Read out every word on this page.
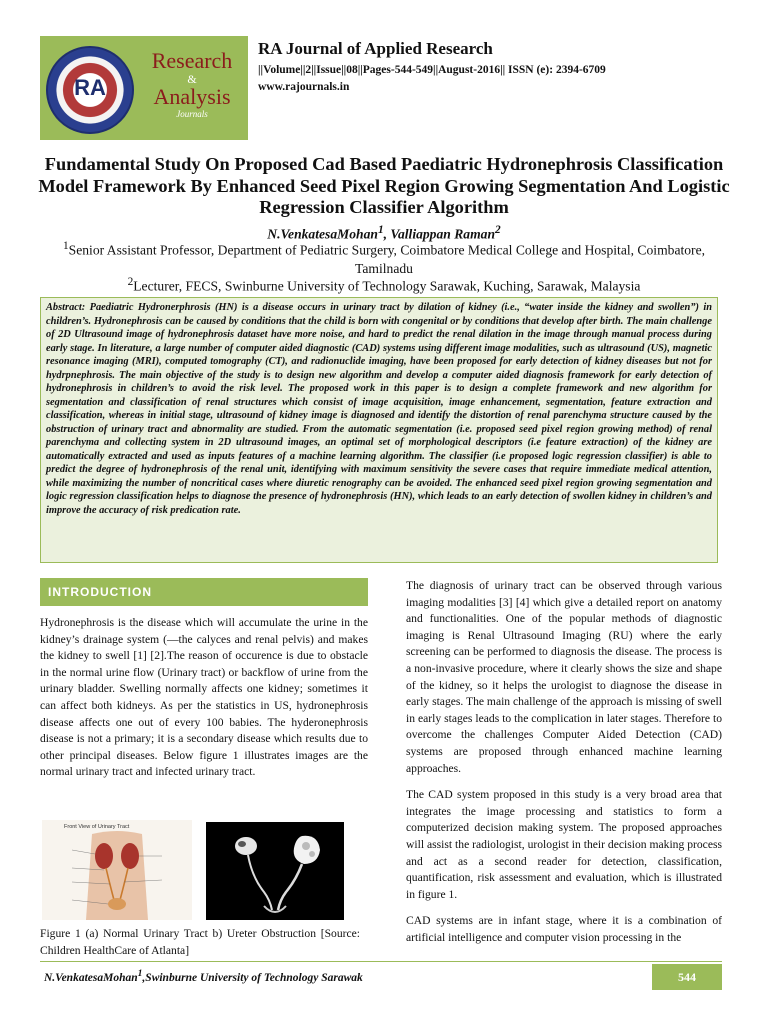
RA
Research
&
Analysis
Journals
RA Journal of Applied Research
||Volume||2||Issue||08||Pages-544-549||August-2016|| ISSN (e): 2394-6709
www.rajournals.in
Fundamental Study On Proposed Cad Based Paediatric Hydronephrosis Classification Model Framework By Enhanced Seed Pixel Region Growing Segmentation And Logistic Regression Classifier Algorithm
N.VenkatesaMohan$^1$, Valliappan Raman$^2$
$^1$Senior Assistant Professor, Department of Pediatric Surgery, Coimbatore Medical College and Hospital, Coimbatore, Tamilnadu
$^2$Lecturer, FECS, Swinburne University of Technology Sarawak, Kuching, Sarawak, Malaysia
Abstract: Paediatric Hydronerphrosis (HN) is a disease occurs in urinary tract by dilation of kidney (i.e., “water inside the kidney and swollen”) in children’s. Hydronephrosis can be caused by conditions that the child is born with congenital or by conditions that develop after birth. The main challenge of 2D Ultrasound image of hydronephrosis dataset have more noise, and hard to predict the renal dilation in the image through manual process during early stage. In literature, a large number of computer aided diagnostic (CAD) systems using different image modalities, such as ultrasound (US), magnetic resonance imaging (MRI), computed tomography (CT), and radionuclide imaging, have been proposed for early detection of kidney diseases but not for hydrpnephrosis. The main objective of the study is to design new algorithm and develop a computer aided diagnosis framework for early detection of hydronephrosis in children’s to avoid the risk level. The proposed work in this paper is to design a complete framework and new algorithm for segmentation and classification of renal structures which consist of image acquisition, image enhancement, segmentation, feature extraction and classification, whereas in initial stage, ultrasound of kidney image is diagnosed and identify the distortion of renal parenchyma structure caused by the obstruction of urinary tract and abnormality are studied. From the automatic segmentation (i.e. proposed seed pixel region growing method) of renal parenchyma and collecting system in 2D ultrasound images, an optimal set of morphological descriptors (i.e feature extraction) of the kidney are automatically extracted and used as inputs features of a machine learning algorithm. The classifier (i.e proposed logic regression classifier) is able to predict the degree of hydronephrosis of the renal unit, identifying with maximum sensitivity the severe cases that require immediate medical attention, while maximizing the number of noncritical cases where diuretic renography can be avoided. The enhanced seed pixel region growing segmentation and logic regression classification helps to diagnose the presence of hydronephrosis (HN), which leads to an early detection of swollen kidney in children’s and improve the accuracy of risk predication rate.
INTRODUCTION

Hydronephrosis is the disease which will accumulate the urine in the kidney’s drainage system (—the calyces and renal pelvis) and makes the kidney to swell [1] [2].The reason of occurence is due to obstacle in the normal urine flow (Urinary tract) or backflow of urine from the urinary bladder. Swelling normally affects one kidney; sometimes it can affect both kidneys. As per the statistics in US, hydronephrosis disease affects one out of every 100 babies. The hyderonephrosis disease is not a primary; it is a secondary disease which results due to other principal diseases. Below figure 1 illustrates images are the normal urinary tract and infected urinary tract.

Front View of Urinary Tract
Figure 1 (a) Normal Urinary Tract b) Ureter Obstruction [Source: Children HealthCare of Atlanta]

The diagnosis of urinary tract can be observed through various imaging modalities [3] [4] which give a detailed report on anatomy and functionalities. One of the popular methods of diagnostic imaging is Renal Ultrasound Imaging (RU) where the early screening can be performed to diagnosis the disease. The process is a non-invasive procedure, where it clearly shows the size and shape of the kidney, so it helps the urologist to diagnose the disease in early stages. The main challenge of the approach is missing of swell in early stages leads to the complication in later stages. Therefore to overcome the challenges Computer Aided Detection (CAD) systems are proposed through enhanced machine learning approaches.

The CAD system proposed in this study is a very broad area that integrates the image processing and statistics to form a computerized decision making system. The proposed approaches will assist the radiologist, urologist in their decision making process and act as a second reader for detection, classification, quantification, risk assessment and evaluation, which is illustrated in figure 1.

CAD systems are in infant stage, where it is a combination of artificial intelligence and computer vision processing in the

N.VenkatesaMohan$^1$,Swinburne University of Technology Sarawak	544
